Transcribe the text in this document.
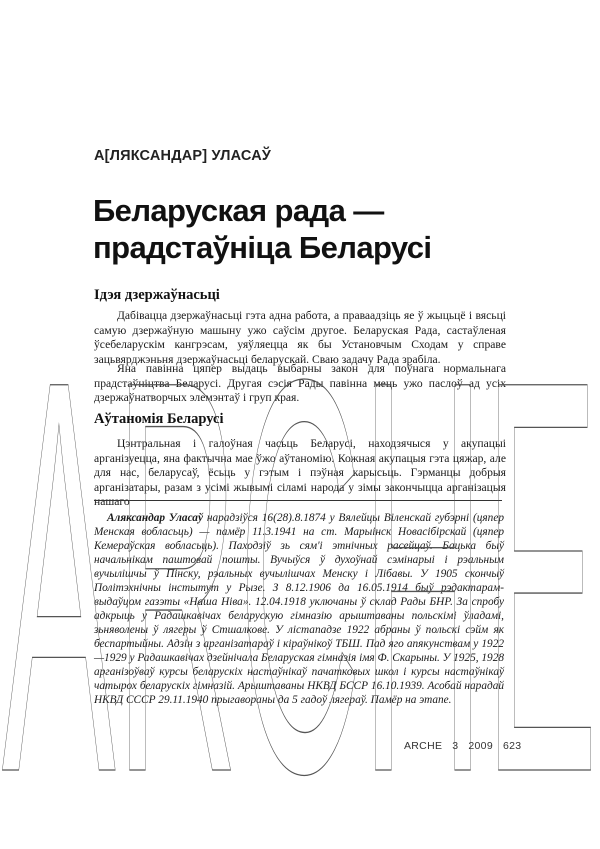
А[ЛЯКСАНДАР] УЛАСАЎ
Беларуская рада —
прадстаўніца Беларусі
Ідэя дзержаўнасьці
Дабіваццa дзержаўнасьці гэта адна работа, а праваадзіць яе ў жыцьцё і вясьці самую дзержаўную машыну ужо саўсім другое. Беларуская Рада, састаўленая ўсебеларускім кангрэсам, уяўляецца як бы Установчым Сходам у справе зацьвярджэньня дзержаўнасьці беларускай. Сваю задачу Рада зрабіла.
Яна павінна цяпер выдаць выбарны закон для поўнага нормальнага прадстаўніцтва Беларусі. Другая сэсія Рады павінна мець ужо паслоў ад усіх дзержаўнатворчых элемэнтаў і груп края.
Аўтаномія Беларусі
Цэнтральная і галоўная часьць Беларусі, находзячыся у акупацыі арганізуецца, яна фактычна мае ўжо аўтаномію. Кожная акупацыя гэта цяжар, але для нас, беларусаў, ёсьць у гэтым і пэўная карысьць. Гэрманцы добрыя арганізатары, разам з усімі жывымі сіламі народа у зімы закончыцца арганізацыя нашаго
Аляксандар Уласаў нарадзіўся 16(28).8.1874 у Вялейцы Віленскай губэрні (цяпер Менская вобласьць) — памёр 11.3.1941 на ст. Марыінск Новасібірскай (цяпер Кемераўская вобласьць). Паходзіў зь сям'і этнічных расейцаў. Бацька быў начальнікам паштовай пошты. Вучыўся ў духоўнай сэмінарыі і рэальным вучылішчы ў Пінску, рэальных вучылішчах Менску і Лібавы. У 1905 скончыў Політэхнічны інстытут у Рызе. З 8.12.1906 да 16.05.1914 быў рэдактарам-выдаўцом газэты «Наша Ніва». 12.04.1918 уключаны ў склад Рады БНР. За спробу адкрыць у Радашкавічах беларускую гімназію арыштаваны польскімі ўладамі, зьняволены ў лягеры ў Стшалкове. У лістападзе 1922 абраны ў польскі сэйм як беспартыйны. Адзін з арганізатараў і кіраўнікоў ТБШ. Пад яго апякунствам у 1922—1929 у Радашкавічах дзейнічала Беларуская гімназія імя Ф. Скарыны. У 1925, 1928 арганізоўваў курсы беларускіх настаўнікаў пачатковых школ і курсы настаўнікаў чатырох беларускіх гімназій. Арыштаваны НКВД БССР 16.10.1939. Асобай нарадай НКВД СССР 29.11.1940 прыгавораны да 5 гадоў лягераў. Памёр на этапе.
ARCHE 3 2009 623
ARCHE
